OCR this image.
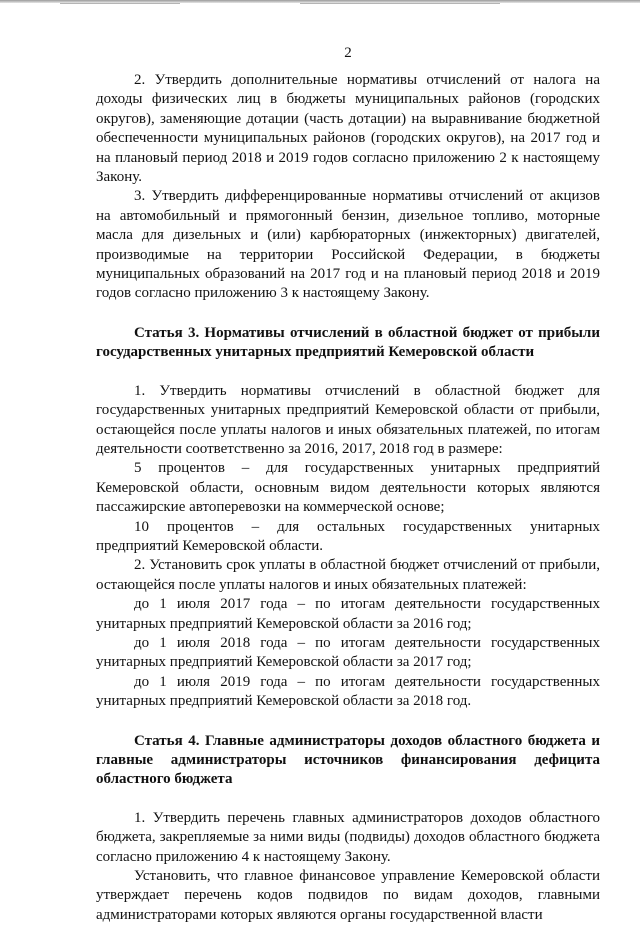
2

2. Утвердить дополнительные нормативы отчислений от налога на доходы физических лиц в бюджеты муниципальных районов (городских округов), заменяющие дотации (часть дотации) на выравнивание бюджетной обеспеченности муниципальных районов (городских округов), на 2017 год и на плановый период 2018 и 2019 годов согласно приложению 2 к настоящему Закону.

3. Утвердить дифференцированные нормативы отчислений от акцизов на автомобильный и прямогонный бензин, дизельное топливо, моторные масла для дизельных и (или) карбюраторных (инжекторных) двигателей, производимые на территории Российской Федерации, в бюджеты муниципальных образований на 2017 год и на плановый период 2018 и 2019 годов согласно приложению 3 к настоящему Закону.

Статья 3. Нормативы отчислений в областной бюджет от прибыли государственных унитарных предприятий Кемеровской области

1. Утвердить нормативы отчислений в областной бюджет для государственных унитарных предприятий Кемеровской области от прибыли, остающейся после уплаты налогов и иных обязательных платежей, по итогам деятельности соответственно за 2016, 2017, 2018 год в размере:

5 процентов – для государственных унитарных предприятий Кемеровской области, основным видом деятельности которых являются пассажирские автоперевозки на коммерческой основе;

10 процентов – для остальных государственных унитарных предприятий Кемеровской области.

2. Установить срок уплаты в областной бюджет отчислений от прибыли, остающейся после уплаты налогов и иных обязательных платежей:

до 1 июля 2017 года – по итогам деятельности государственных унитарных предприятий Кемеровской области за 2016 год;

до 1 июля 2018 года – по итогам деятельности государственных унитарных предприятий Кемеровской области за 2017 год;

до 1 июля 2019 года – по итогам деятельности государственных унитарных предприятий Кемеровской области за 2018 год.

Статья 4. Главные администраторы доходов областного бюджета и главные администраторы источников финансирования дефицита областного бюджета

1. Утвердить перечень главных администраторов доходов областного бюджета, закрепляемые за ними виды (подвиды) доходов областного бюджета согласно приложению 4 к настоящему Закону.

Установить, что главное финансовое управление Кемеровской области утверждает перечень кодов подвидов по видам доходов, главными администраторами которых являются органы государственной власти
